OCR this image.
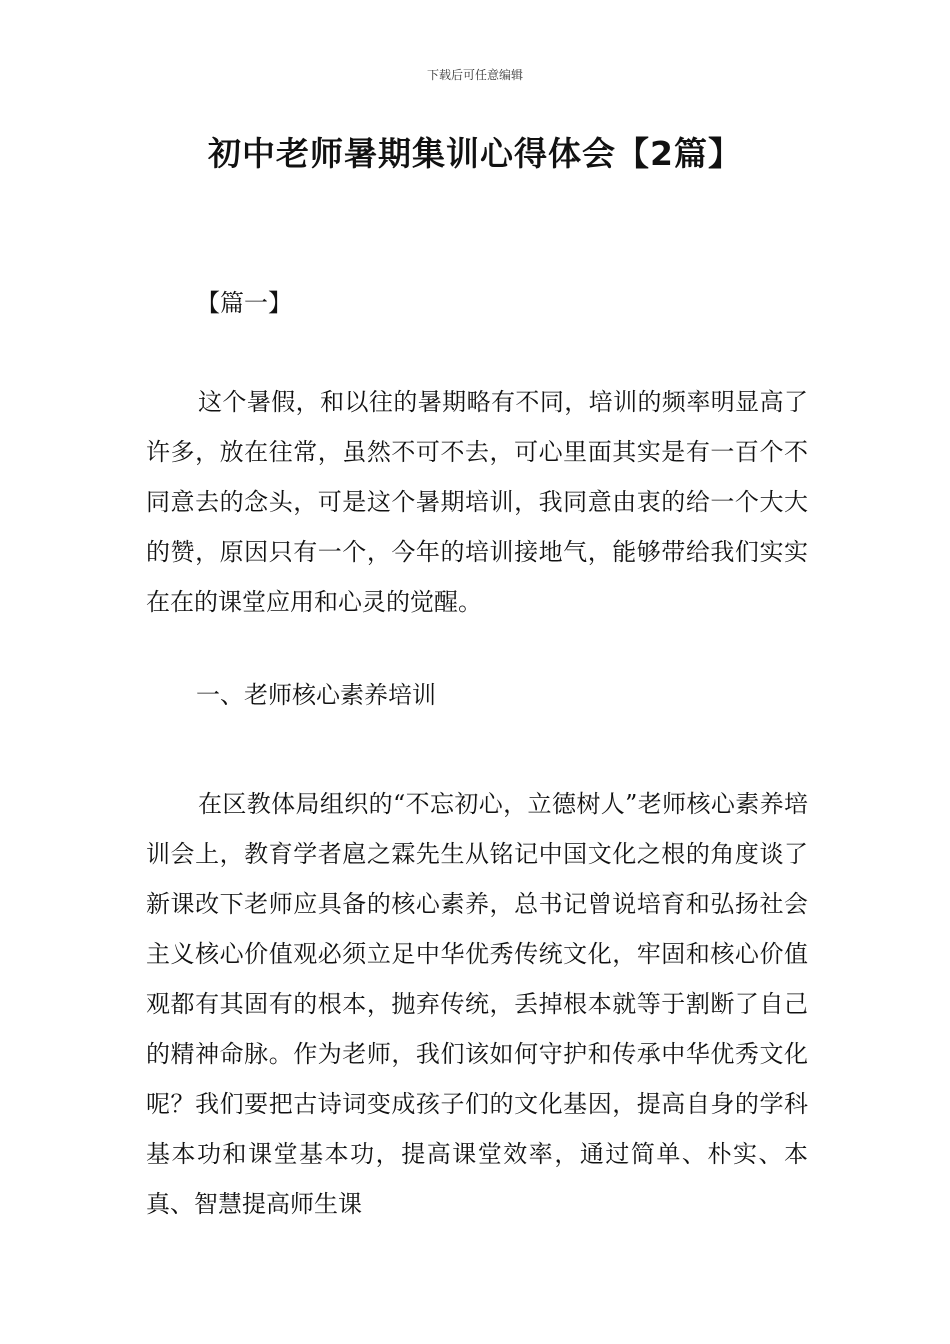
下载后可任意编辑
初中老师暑期集训心得体会【2篇】

【篇一】

这个暑假，和以往的暑期略有不同，培训的频率明显高了许多，放在往常，虽然不可不去，可心里面其实是有一百个不同意去的念头，可是这个暑期培训，我同意由衷的给一个大大的赞，原因只有一个，今年的培训接地气，能够带给我们实实在在的课堂应用和心灵的觉醒。

一、老师核心素养培训

在区教体局组织的“不忘初心，立德树人”老师核心素养培训会上，教育学者扈之霖先生从铭记中国文化之根的角度谈了新课改下老师应具备的核心素养，总书记曾说培育和弘扬社会主义核心价值观必须立足中华优秀传统文化，牢固和核心价值观都有其固有的根本，抛弃传统，丢掉根本就等于割断了自己的精神命脉。作为老师，我们该如何守护和传承中华优秀文化呢？我们要把古诗词变成孩子们的文化基因，提高自身的学科基本功和课堂基本功，提高课堂效率，通过简单、朴实、本真、智慧提高师生课
